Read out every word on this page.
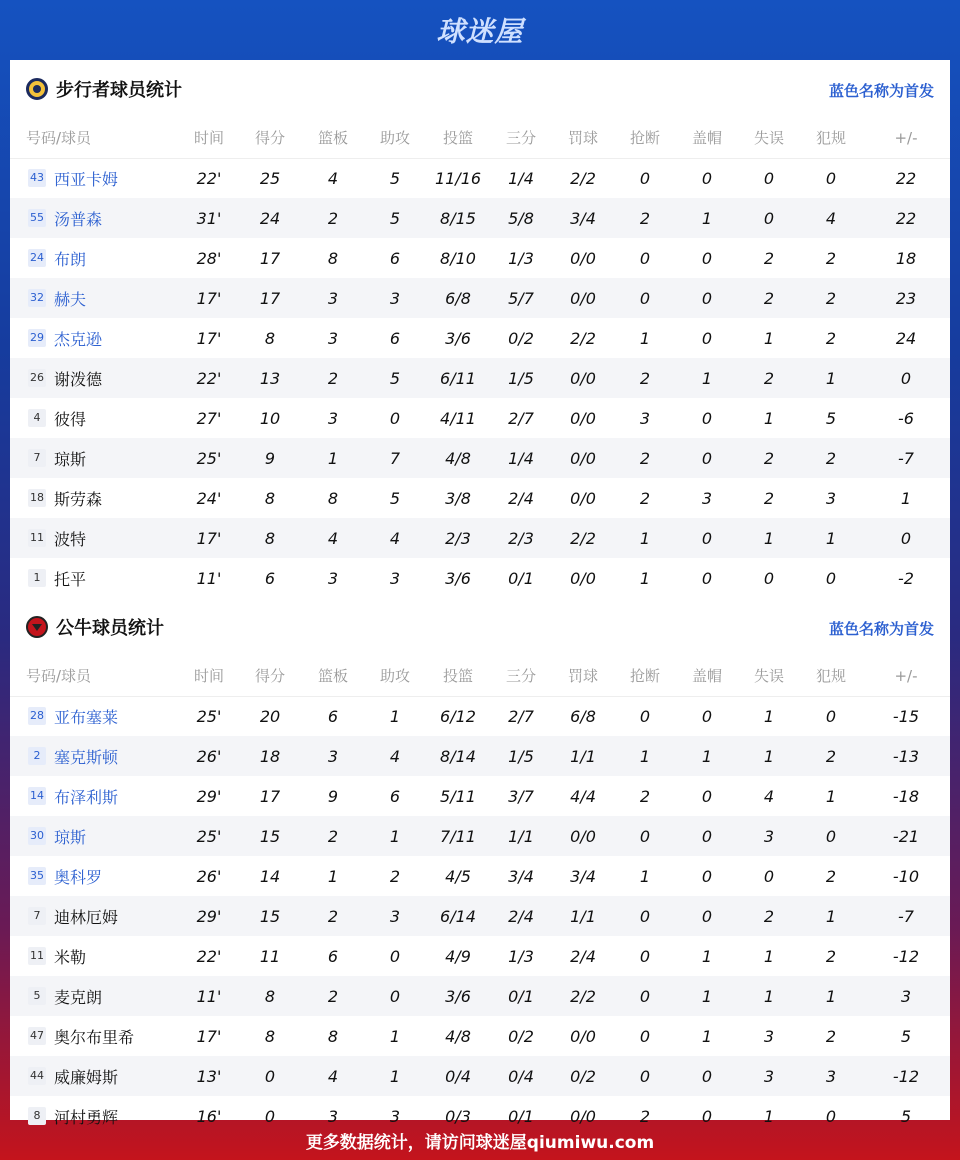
球迷屋
步行者球员统计	蓝色名称为首发
号码/球员	时间	得分	篮板	助攻	投篮	三分	罚球	抢断	盖帽	失误	犯规	+/-
43 西亚卡姆	22'	25	4	5	11/16	1/4	2/2	0	0	0	0	22
55 汤普森	31'	24	2	5	8/15	5/8	3/4	2	1	0	4	22
24 布朗	28'	17	8	6	8/10	1/3	0/0	0	0	2	2	18
32 赫夫	17'	17	3	3	6/8	5/7	0/0	0	0	2	2	23
29 杰克逊	17'	8	3	6	3/6	0/2	2/2	1	0	1	2	24
26 谢泼德	22'	13	2	5	6/11	1/5	0/0	2	1	2	1	0
4 彼得	27'	10	3	0	4/11	2/7	0/0	3	0	1	5	-6
7 琼斯	25'	9	1	7	4/8	1/4	0/0	2	0	2	2	-7
18 斯劳森	24'	8	8	5	3/8	2/4	0/0	2	3	2	3	1
11 波特	17'	8	4	4	2/3	2/3	2/2	1	0	1	1	0
1 托平	11'	6	3	3	3/6	0/1	0/0	1	0	0	0	-2
公牛球员统计	蓝色名称为首发
号码/球员	时间	得分	篮板	助攻	投篮	三分	罚球	抢断	盖帽	失误	犯规	+/-
28 亚布塞莱	25'	20	6	1	6/12	2/7	6/8	0	0	1	0	-15
2 塞克斯顿	26'	18	3	4	8/14	1/5	1/1	1	1	1	2	-13
14 布泽利斯	29'	17	9	6	5/11	3/7	4/4	2	0	4	1	-18
30 琼斯	25'	15	2	1	7/11	1/1	0/0	0	0	3	0	-21
35 奥科罗	26'	14	1	2	4/5	3/4	3/4	1	0	0	2	-10
7 迪林厄姆	29'	15	2	3	6/14	2/4	1/1	0	0	2	1	-7
11 米勒	22'	11	6	0	4/9	1/3	2/4	0	1	1	2	-12
5 麦克朗	11'	8	2	0	3/6	0/1	2/2	0	1	1	1	3
47 奥尔布里希	17'	8	8	1	4/8	0/2	0/0	0	1	3	2	5
44 威廉姆斯	13'	0	4	1	0/4	0/4	0/2	0	0	3	3	-12
8 河村勇辉	16'	0	3	3	0/3	0/1	0/0	2	0	1	0	5
更多数据统计，请访问球迷屋qiumiwu.com
